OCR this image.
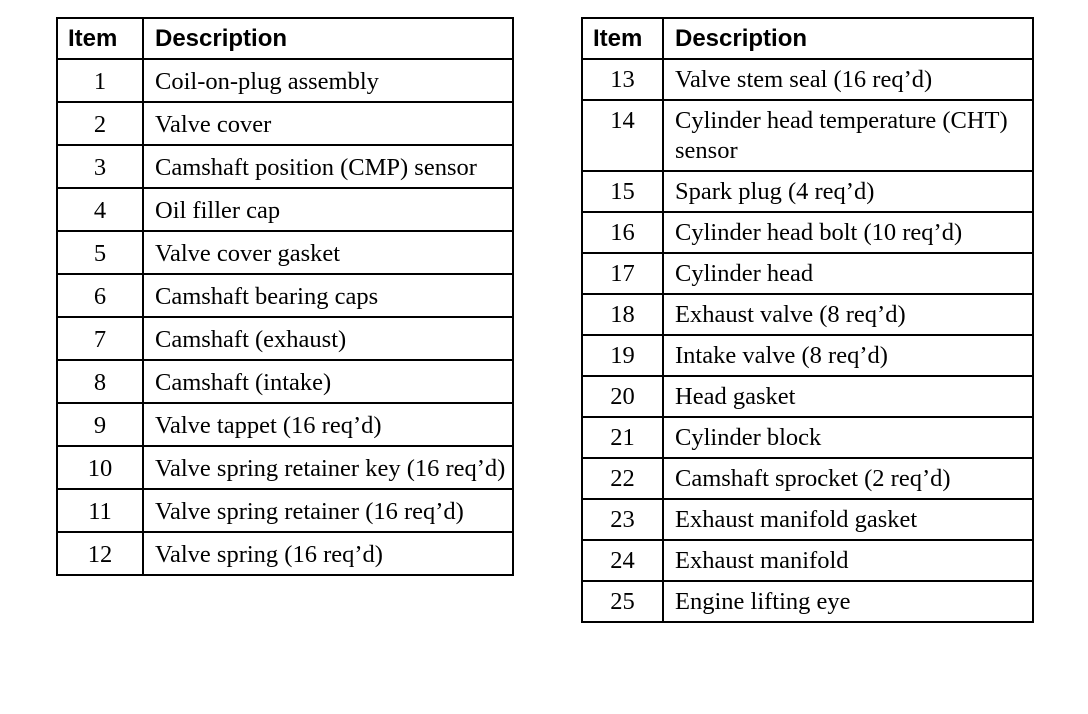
Item	Description
1	Coil-on-plug assembly
2	Valve cover
3	Camshaft position (CMP) sensor
4	Oil filler cap
5	Valve cover gasket
6	Camshaft bearing caps
7	Camshaft (exhaust)
8	Camshaft (intake)
9	Valve tappet (16 req’d)
10	Valve spring retainer key (16 req’d)
11	Valve spring retainer (16 req’d)
12	Valve spring (16 req’d)
Item	Description
13	Valve stem seal (16 req’d)
14	Cylinder head temperature (CHT) sensor
15	Spark plug (4 req’d)
16	Cylinder head bolt (10 req’d)
17	Cylinder head
18	Exhaust valve (8 req’d)
19	Intake valve (8 req’d)
20	Head gasket
21	Cylinder block
22	Camshaft sprocket (2 req’d)
23	Exhaust manifold gasket
24	Exhaust manifold
25	Engine lifting eye
